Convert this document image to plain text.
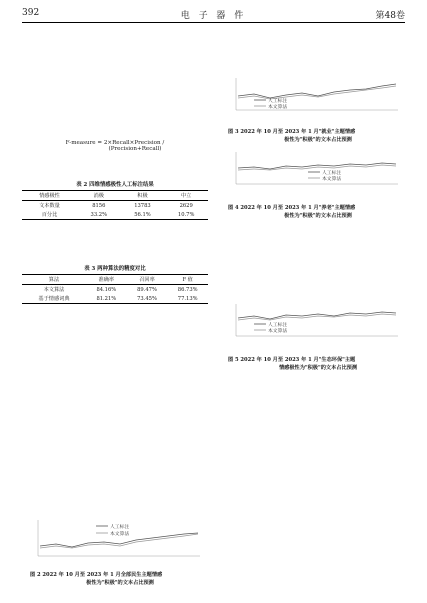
392	电 子 器 件	第48卷
F-measure = 2×Recall×Precision /
(Precision+Recall)
表 2 四维情感极性人工标注结果
情感极性	消极	积极	中立
文本数量	8156	13783	2629
百分比	33.2%	56.1%	10.7%
表 3 两种算法的精度对比
算法	准确率	召回率	F 值
本文算法	84.16%	89.47%	86.73%
基于情感词典	81.21%	73.45%	77.13%
人工标注
本文算法
图 2 2022 年 10 月至 2023 年 1 月全部民生主题情感
极性为"积极"的文本占比预测
人工标注
本文算法
图 3 2022 年 10 月至 2023 年 1 月"就业"主题情感
极性为"积极"的文本占比预测
人工标注
本文算法
图 4 2022 年 10 月至 2023 年 1 月"养老"主题情感
极性为"积极"的文本占比预测
人工标注
本文算法
图 5 2022 年 10 月至 2023 年 1 月"生态环保"主题
情感极性为"积极"的文本占比预测
